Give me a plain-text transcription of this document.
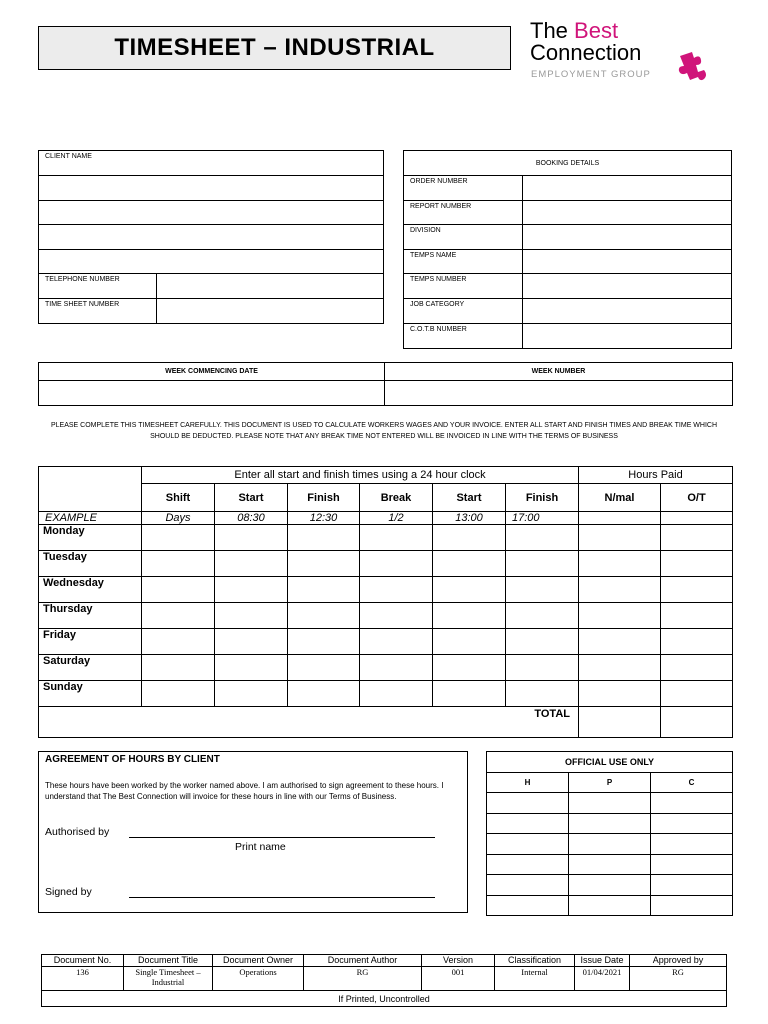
TIMESHEET – INDUSTRIAL
The Best
Connection
EMPLOYMENT GROUP
CLIENT NAME	

TELEPHONE NUMBER	
TIME SHEET NUMBER	
BOOKING DETAILS	
ORDER NUMBER	
REPORT NUMBER	
DIVISION	
TEMPS NAME	
TEMPS NUMBER	
JOB CATEGORY	
C.O.T.B NUMBER	
WEEK COMMENCING DATE	WEEK NUMBER

PLEASE COMPLETE THIS TIMESHEET CAREFULLY. THIS DOCUMENT IS USED TO CALCULATE WORKERS WAGES AND YOUR INVOICE. ENTER ALL START AND FINISH TIMES AND BREAK TIME WHICH SHOULD BE DEDUCTED. PLEASE NOTE THAT ANY BREAK TIME NOT ENTERED WILL BE INVOICED IN LINE WITH THE TERMS OF BUSINESS
	Enter all start and finish times using a 24 hour clock						Hours Paid	
	Shift	Start	Finish	Break	Start	Finish	N/mal	O/T
EXAMPLE	Days	08:30	12:30	1/2	13:00	17:00		
Monday								
Tuesday								
Wednesday								
Thursday								
Friday								
Saturday								
Sunday								
TOTAL								
AGREEMENT OF HOURS BY CLIENT
These hours have been worked by the worker named above. I am authorised to sign agreement to these hours. I understand that The Best Connection will invoice for these hours in line with our Terms of Business.
Authorised by
Print name
Signed by
OFFICIAL USE ONLY		
H	P	C

Document No.	Document Title	Document Owner	Document Author	Version	Classification	Issue Date	Approved by
136	Single Timesheet – Industrial	Operations	RG	001	Internal	01/04/2021	RG
If Printed, Uncontrolled							
